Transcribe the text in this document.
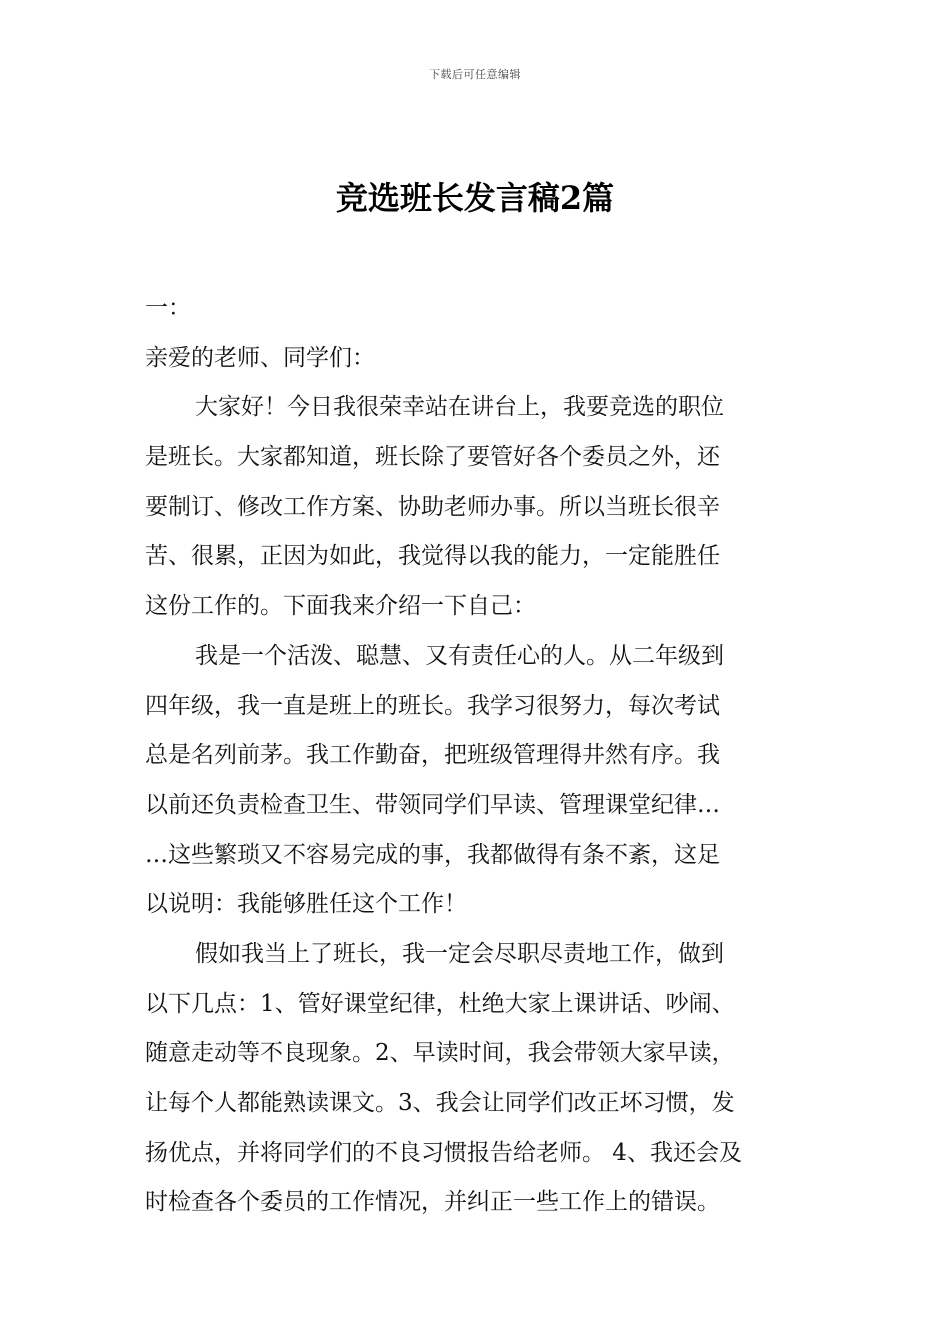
下载后可任意编辑
竞选班长发言稿2篇
一：
亲爱的老师、同学们：
大家好！今日我很荣幸站在讲台上，我要竞选的职位
是班长。大家都知道，班长除了要管好各个委员之外，还
要制订、修改工作方案、协助老师办事。所以当班长很辛
苦、很累，正因为如此，我觉得以我的能力，一定能胜任
这份工作的。下面我来介绍一下自己：
我是一个活泼、聪慧、又有责任心的人。从二年级到
四年级，我一直是班上的班长。我学习很努力，每次考试
总是名列前茅。我工作勤奋，把班级管理得井然有序。我
以前还负责检查卫生、带领同学们早读、管理课堂纪律…
…这些繁琐又不容易完成的事，我都做得有条不紊，这足
以说明：我能够胜任这个工作！
假如我当上了班长，我一定会尽职尽责地工作，做到
以下几点：1、管好课堂纪律，杜绝大家上课讲话、吵闹、
随意走动等不良现象。2、早读时间，我会带领大家早读，
让每个人都能熟读课文。3、我会让同学们改正坏习惯，发
扬优点，并将同学们的不良习惯报告给老师。 4、我还会及
时检查各个委员的工作情况，并纠正一些工作上的错误。
